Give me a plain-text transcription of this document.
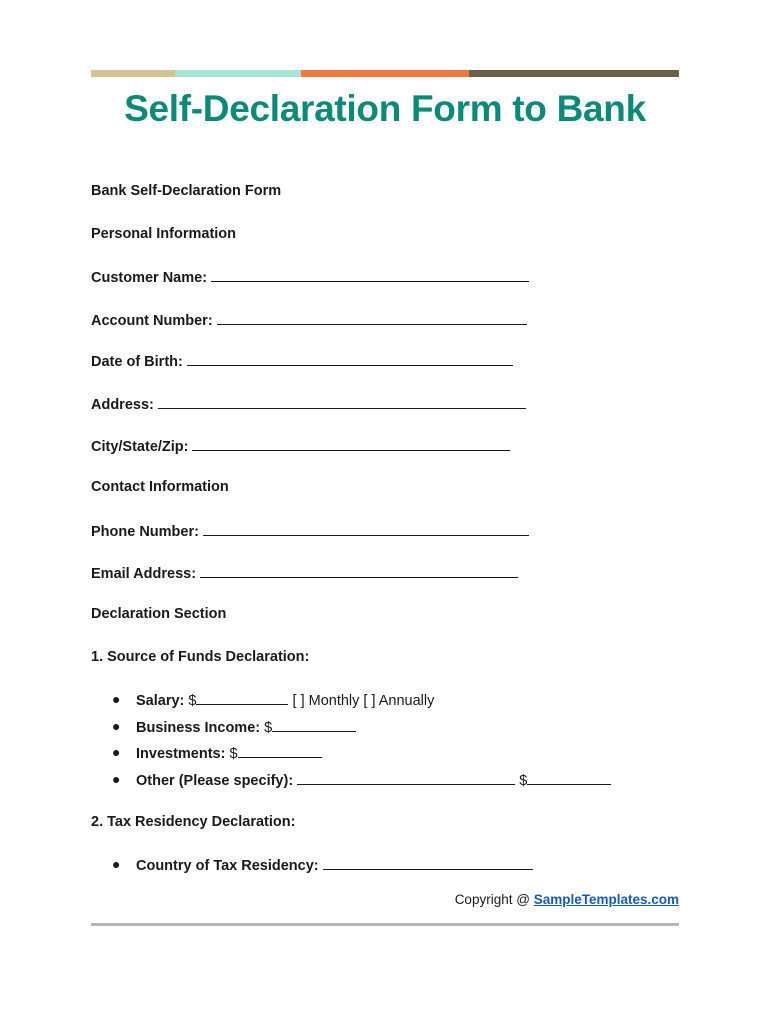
Self-Declaration Form to Bank
Bank Self-Declaration Form
Personal Information
Customer Name:
Account Number:
Date of Birth:
Address:
City/State/Zip:
Contact Information
Phone Number:
Email Address:
Declaration Section
1. Source of Funds Declaration:
● Salary: $	[ ] Monthly [ ] Annually
● Business Income: $
● Investments: $
● Other (Please specify):	$
2. Tax Residency Declaration:
● Country of Tax Residency:
Copyright @ SampleTemplates.com
